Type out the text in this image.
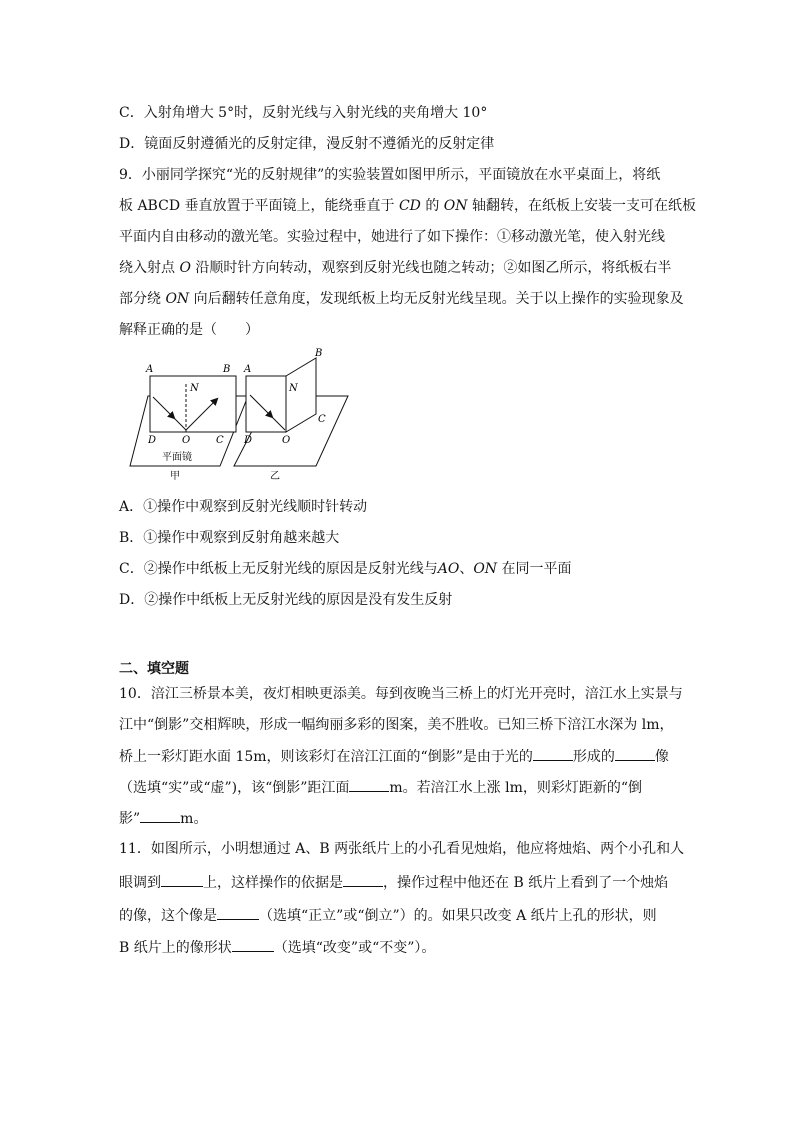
C．入射角增大 5°时，反射光线与入射光线的夹角增大 10°
D．镜面反射遵循光的反射定律，漫反射不遵循光的反射定律
9．小丽同学探究“光的反射规律”的实验装置如图甲所示，平面镜放在水平桌面上，将纸
板 ABCD 垂直放置于平面镜上，能绕垂直于 CD 的 ON 轴翻转，在纸板上安装一支可在纸板
平面内自由移动的激光笔。实验过程中，她进行了如下操作：①移动激光笔，使入射光线
绕入射点 O 沿顺时针方向转动，观察到反射光线也随之转动；②如图乙所示，将纸板右半
部分绕 ON 向后翻转任意角度，发现纸板上均无反射光线呈现。关于以上操作的实验现象及
解释正确的是（　　）
A	B
N
D	O	C
平面镜
甲
A
N
B
C
D	O
乙
A．①操作中观察到反射光线顺时针转动
B．①操作中观察到反射角越来越大
C．②操作中纸板上无反射光线的原因是反射光线与AO、ON 在同一平面
D．②操作中纸板上无反射光线的原因是没有发生反射
二、填空题
10．涪江三桥景本美，夜灯相映更添美。每到夜晚当三桥上的灯光开亮时，涪江水上实景与
江中“倒影”交相辉映，形成一幅绚丽多彩的图案，美不胜收。已知三桥下涪江水深为 lm，
桥上一彩灯距水面 15m，则该彩灯在涪江江面的“倒影”是由于光的	形成的	像
（选填“实”或“虚”)，该“倒影”距江面	m。若涪江水上涨 lm，则彩灯距新的“倒
影”	m。
11．如图所示，小明想通过 A、B 两张纸片上的小孔看见烛焰，他应将烛焰、两个小孔和人
眼调到	上，这样操作的依据是	，操作过程中他还在 B 纸片上看到了一个烛焰
的像，这个像是	（选填“正立”或“倒立”）的。如果只改变 A 纸片上孔的形状，则
B 纸片上的像形状	（选填“改变”或“不变”）。
